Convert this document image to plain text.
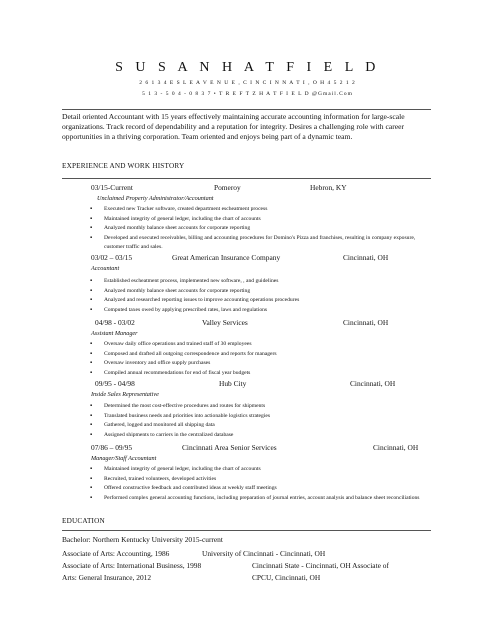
S U S A N H A T F I E L D
2 6 1 3 4 E S L E A V E N U E , C I N C I N N A T I , O H 4 5 2 1 2
5 1 3 - 5 0 4 - 0 8 3 7 • T R E F T Z H A T F I E L D @Gmail.Com
Detail oriented Accountant with 15 years effectively maintaining accurate accounting information for large-scale organizations. Track record of dependability and a reputation for integrity. Desires a challenging role with career opportunities in a thriving corporation. Team oriented and enjoys being part of a dynamic team.
EXPERIENCE AND WORK HISTORY
03/15-Current	Pomeroy	Hebron, KY
Unclaimed Property Administrator/Accountant
▪ Executed new Tracker software, created department escheatment process
▪ Maintained integrity of general ledger, including the chart of accounts
▪ Analyzed monthly balance sheet accounts for corporate reporting
▪ Developed and executed receivables, billing and accounting procedures for Domino's Pizza and franchises, resulting in company exposure, customer traffic and sales.
03/02 – 03/15	Great American Insurance Company	Cincinnati, OH
Accountant
▪ Established escheatment process, implemented new software, , and guidelines
▪ Analyzed monthly balance sheet accounts for corporate reporting
▪ Analyzed and researched reporting issues to improve accounting operations procedures
▪ Computed taxes owed by applying prescribed rates, laws and regulations
04/98 - 03/02	Valley Services	Cincinnati, OH
Assistant Manager
▪ Oversaw daily office operations and trained staff of 30 employees
▪ Composed and drafted all outgoing correspondence and reports for managers
▪ Oversaw inventory and office supply purchases
▪ Compiled annual recommendations for end of fiscal year budgets
09/95 - 04/98	Hub City	Cincinnati, OH
Inside Sales Representative
▪ Determined the most cost-effective procedures and routes for shipments
▪ Translated business needs and priorities into actionable logistics strategies
▪ Gathered, logged and monitored all shipping data
▪ Assigned shipments to carriers in the centralized database
07/86 – 09/95	Cincinnati Area Senior Services	Cincinnati, OH
Manager/Staff Accountant
▪ Maintained integrity of general ledger, including the chart of accounts
▪ Recruited, trained volunteers, developed activities
▪ Offered constructive feedback and contributed ideas at weekly staff meetings
▪ Performed complex general accounting functions, including preparation of journal entries, account analysis and balance sheet reconciliations
EDUCATION
Bachelor: Northern Kentucky University 2015-current
Associate of Arts: Accounting, 1986	University of Cincinnati - Cincinnati, OH
Associate of Arts: International Business, 1998	Cincinnati State - Cincinnati, OH Associate of
Arts: General Insurance, 2012	CPCU, Cincinnati, OH
